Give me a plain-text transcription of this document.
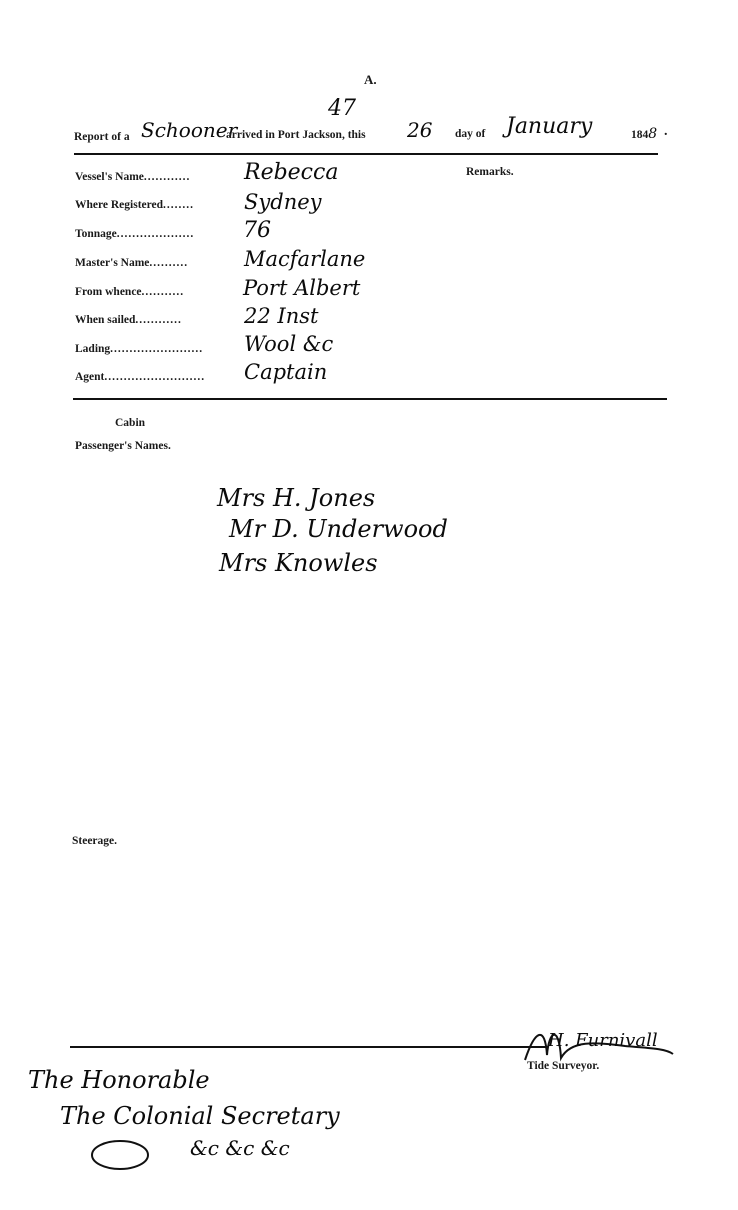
A.
47
Report of a Schooner
arrived in Port Jackson, this 26 day of January	1848 .
Vessel's Name............ Rebecca
Where Registered........ Sydney
Tonnage.................... 76
Master's Name..........	Macfarlane
From whence...........	Port Albert
When sailed............	22 Inst
Lading........................ Wool &c
Agent.......................... Captain
Remarks.
Cabin
Passenger's Names.
Mrs H. Jones
Mr D. Underwood
Mrs Knowles
Steerage.
H. Furnivall
Tide Surveyor.
The Honorable
The Colonial Secretary
&c &c &c
